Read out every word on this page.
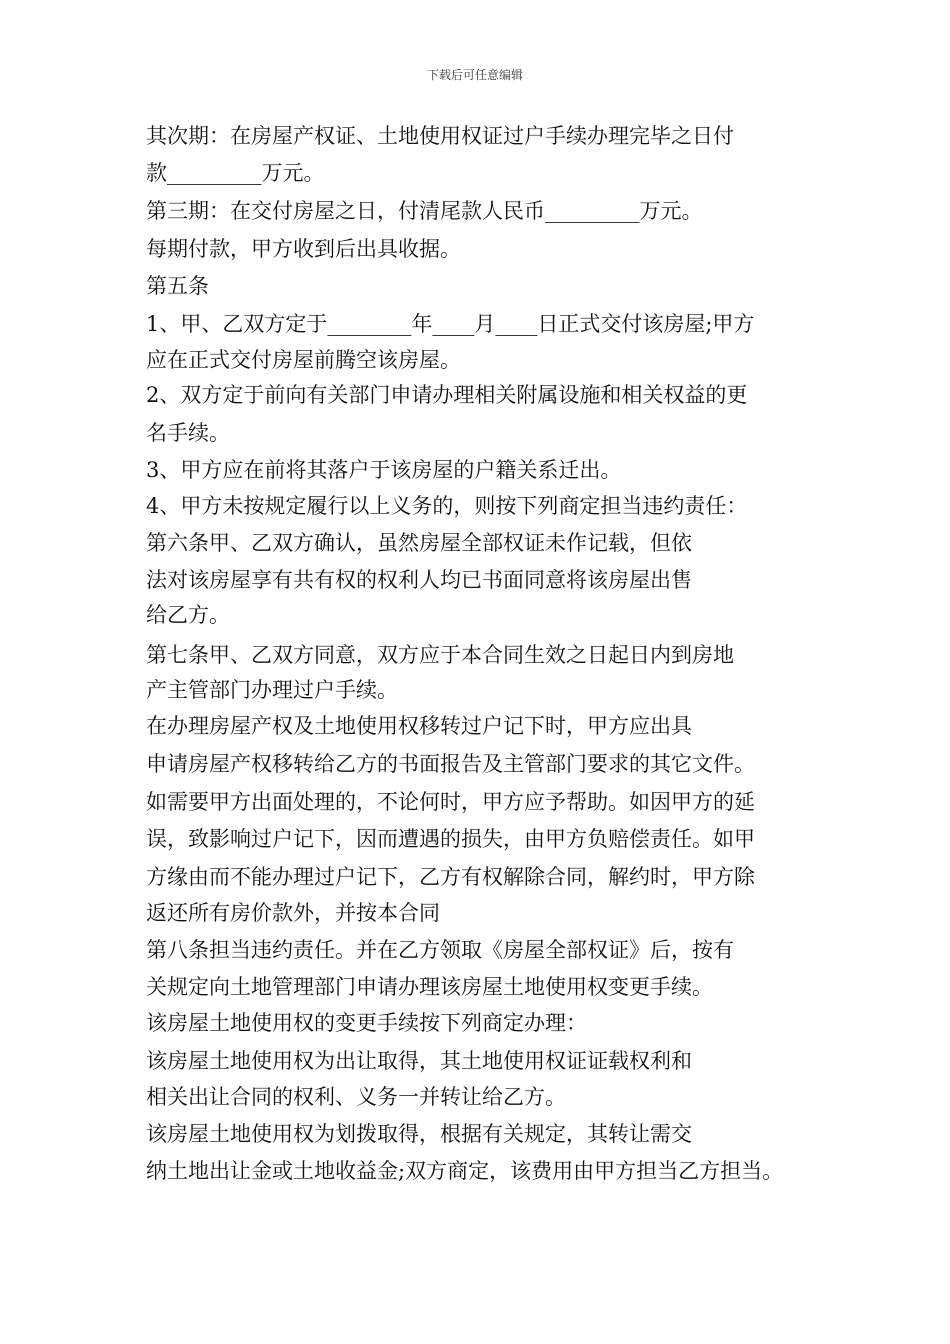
下载后可任意编辑
其次期：在房屋产权证、土地使用权证过户手续办理完毕之日付
款_________万元。
第三期：在交付房屋之日，付清尾款人民币_________万元。
每期付款，甲方收到后出具收据。
第五条
1、甲、乙双方定于________年____月____日正式交付该房屋;甲方
应在正式交付房屋前腾空该房屋。
2、双方定于前向有关部门申请办理相关附属设施和相关权益的更
名手续。
3、甲方应在前将其落户于该房屋的户籍关系迁出。
4、甲方未按规定履行以上义务的，则按下列商定担当违约责任：
第六条甲、乙双方确认，虽然房屋全部权证未作记载，但依
法对该房屋享有共有权的权利人均已书面同意将该房屋出售
给乙方。
第七条甲、乙双方同意，双方应于本合同生效之日起日内到房地
产主管部门办理过户手续。
在办理房屋产权及土地使用权移转过户记下时，甲方应出具
申请房屋产权移转给乙方的书面报告及主管部门要求的其它文件。
如需要甲方出面处理的，不论何时，甲方应予帮助。如因甲方的延
误，致影响过户记下，因而遭遇的损失，由甲方负赔偿责任。如甲
方缘由而不能办理过户记下，乙方有权解除合同，解约时，甲方除
返还所有房价款外，并按本合同
第八条担当违约责任。并在乙方领取《房屋全部权证》后，按有
关规定向土地管理部门申请办理该房屋土地使用权变更手续。
该房屋土地使用权的变更手续按下列商定办理：
该房屋土地使用权为出让取得，其土地使用权证证载权利和
相关出让合同的权利、义务一并转让给乙方。
该房屋土地使用权为划拨取得，根据有关规定，其转让需交
纳土地出让金或土地收益金;双方商定，该费用由甲方担当乙方担当。
